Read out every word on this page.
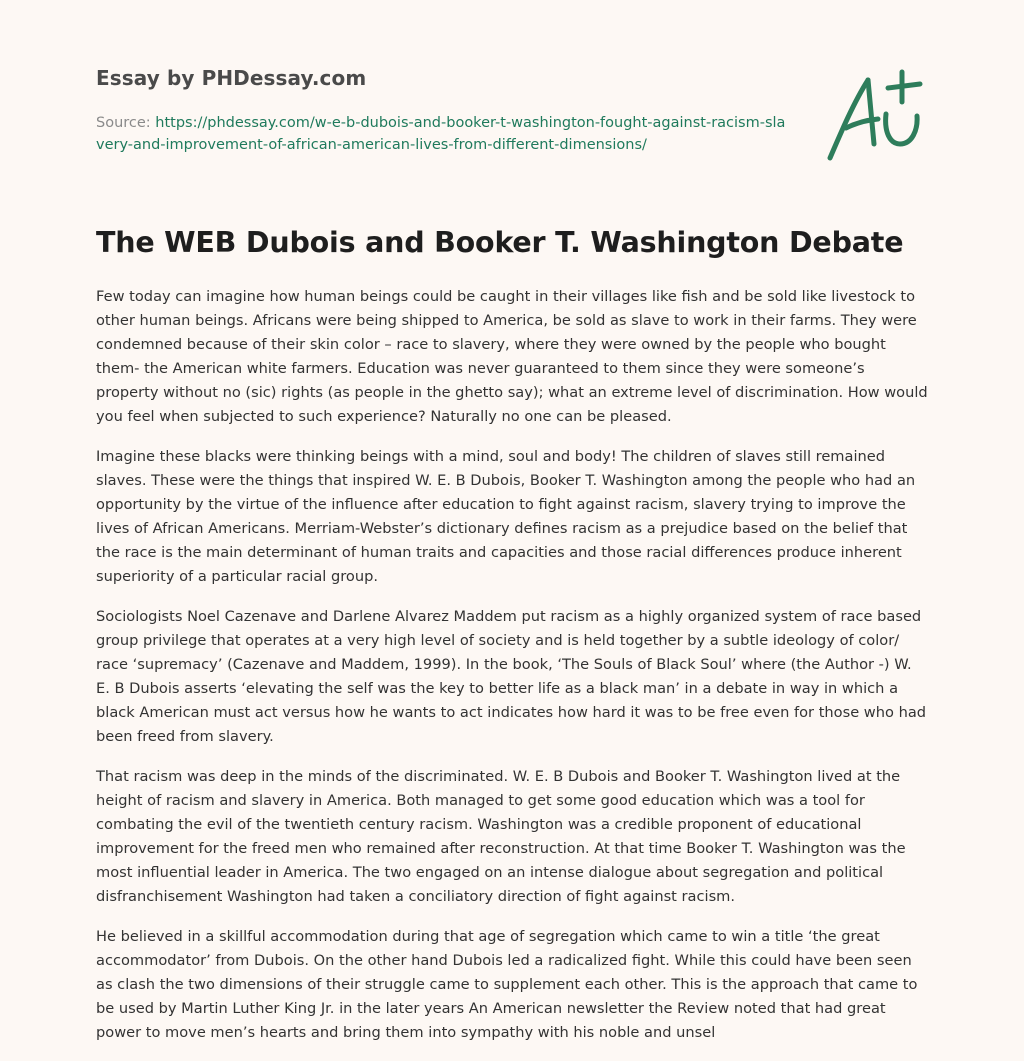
Essay by PHDessay.com
Source: https://phdessay.com/w-e-b-dubois-and-booker-t-washington-fought-against-racism-slavery-and-improvement-of-african-american-lives-from-different-dimensions/
The WEB Dubois and Booker T. Washington Debate

Few today can imagine how human beings could be caught in their villages like fish and be sold like livestock to other human beings. Africans were being shipped to America, be sold as slave to work in their farms. They were condemned because of their skin color – race to slavery, where they were owned by the people who bought them- the American white farmers. Education was never guaranteed to them since they were someone’s property without no (sic) rights (as people in the ghetto say); what an extreme level of discrimination. How would you feel when subjected to such experience? Naturally no one can be pleased.

Imagine these blacks were thinking beings with a mind, soul and body! The children of slaves still remained slaves. These were the things that inspired W. E. B Dubois, Booker T. Washington among the people who had an opportunity by the virtue of the influence after education to fight against racism, slavery trying to improve the lives of African Americans. Merriam-Webster’s dictionary defines racism as a prejudice based on the belief that the race is the main determinant of human traits and capacities and those racial differences produce inherent superiority of a particular racial group.

Sociologists Noel Cazenave and Darlene Alvarez Maddem put racism as a highly organized system of race based group privilege that operates at a very high level of society and is held together by a subtle ideology of color/ race ‘supremacy’ (Cazenave and Maddem, 1999). In the book, ‘The Souls of Black Soul’ where (the Author -) W. E. B Dubois asserts ‘elevating the self was the key to better life as a black man’ in a debate in way in which a black American must act versus how he wants to act indicates how hard it was to be free even for those who had been freed from slavery.

That racism was deep in the minds of the discriminated. W. E. B Dubois and Booker T. Washington lived at the height of racism and slavery in America. Both managed to get some good education which was a tool for combating the evil of the twentieth century racism. Washington was a credible proponent of educational improvement for the freed men who remained after reconstruction. At that time Booker T. Washington was the most influential leader in America. The two engaged on an intense dialogue about segregation and political disfranchisement Washington had taken a conciliatory direction of fight against racism.

He believed in a skillful accommodation during that age of segregation which came to win a title ‘the great accommodator’ from Dubois. On the other hand Dubois led a radicalized fight. While this could have been seen as clash the two dimensions of their struggle came to supplement each other. This is the approach that came to be used by Martin Luther King Jr. in the later years An American newsletter the Review noted that had great power to move men’s hearts and bring them into sympathy with his noble and unsel
